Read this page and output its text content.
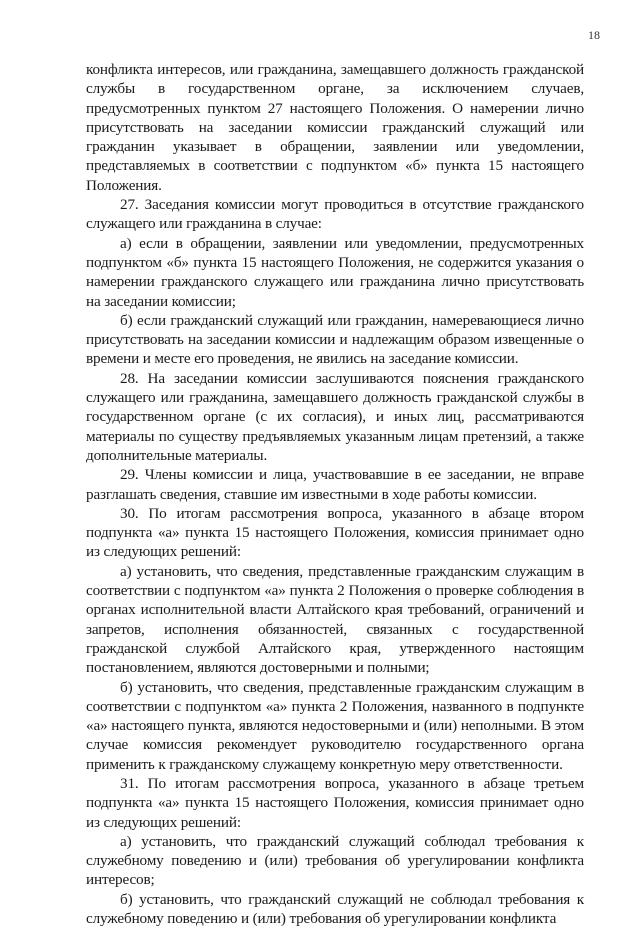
18

конфликта интересов, или гражданина, замещавшего должность гражданской службы в государственном органе, за исключением случаев, предусмотренных пунктом 27 настоящего Положения. О намерении лично присутствовать на заседании комиссии гражданский служащий или гражданин указывает в обращении, заявлении или уведомлении, представляемых в соответствии с подпунктом «б» пункта 15 настоящего Положения.

27. Заседания комиссии могут проводиться в отсутствие гражданского служащего или гражданина в случае:

а) если в обращении, заявлении или уведомлении, предусмотренных подпунктом «б» пункта 15 настоящего Положения, не содержится указания о намерении гражданского служащего или гражданина лично присутствовать на заседании комиссии;

б) если гражданский служащий или гражданин, намеревающиеся лично присутствовать на заседании комиссии и надлежащим образом извещенные о времени и месте его проведения, не явились на заседание комиссии.

28. На заседании комиссии заслушиваются пояснения гражданского служащего или гражданина, замещавшего должность гражданской службы в государственном органе (с их согласия), и иных лиц, рассматриваются материалы по существу предъявляемых указанным лицам претензий, а также дополнительные материалы.

29. Члены комиссии и лица, участвовавшие в ее заседании, не вправе разглашать сведения, ставшие им известными в ходе работы комиссии.

30. По итогам рассмотрения вопроса, указанного в абзаце втором подпункта «а» пункта 15 настоящего Положения, комиссия принимает одно из следующих решений:

а) установить, что сведения, представленные гражданским служащим в соответствии с подпунктом «а» пункта 2 Положения о проверке соблюдения в органах исполнительной власти Алтайского края требований, ограничений и запретов, исполнения обязанностей, связанных с государственной гражданской службой Алтайского края, утвержденного настоящим постановлением, являются достоверными и полными;

б) установить, что сведения, представленные гражданским служащим в соответствии с подпунктом «а» пункта 2 Положения, названного в подпункте «а» настоящего пункта, являются недостоверными и (или) неполными. В этом случае комиссия рекомендует руководителю государственного органа применить к гражданскому служащему конкретную меру ответственности.

31. По итогам рассмотрения вопроса, указанного в абзаце третьем подпункта «а» пункта 15 настоящего Положения, комиссия принимает одно из следующих решений:

а) установить, что гражданский служащий соблюдал требования к служебному поведению и (или) требования об урегулировании конфликта интересов;

б) установить, что гражданский служащий не соблюдал требования к служебному поведению и (или) требования об урегулировании конфликта
